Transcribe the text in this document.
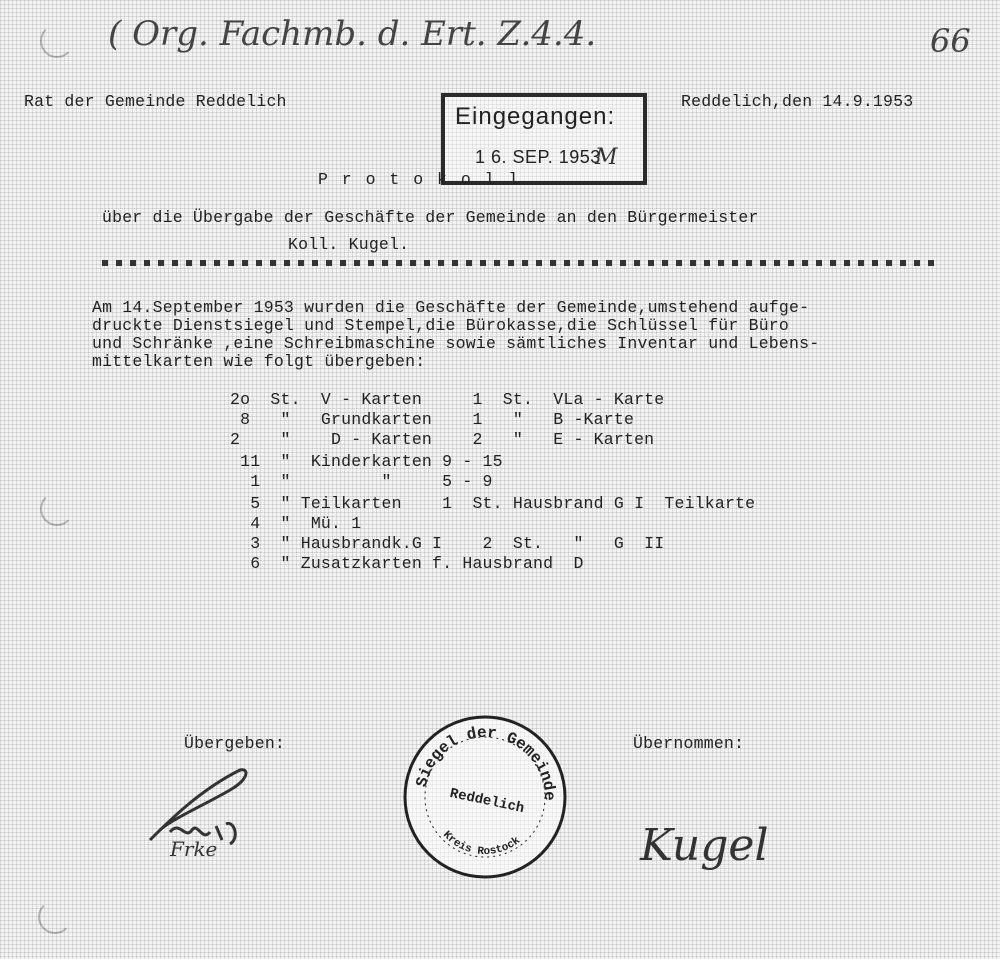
( Org. Fachmb. d. Ert. Z.4.4.	66
Rat der Gemeinde Reddelich	Reddelich,den 14.9.1953
Eingegangen:
1 6. SEP. 1953
M
P r o t o k o l l
über die Übergabe der Geschäfte der Gemeinde an den Bürgermeister
Koll. Kugel.
Am 14.September 1953 wurden die Geschäfte der Gemeinde,umstehend aufge-
druckte Dienstsiegel und Stempel,die Bürokasse,die Schlüssel für Büro
und Schränke ,eine Schreibmaschine sowie sämtliches Inventar und Lebens-
mittelkarten wie folgt übergeben:
2o  St.  V - Karten     1  St.  VLa - Karte
8   "   Grundkarten    1   "   B -Karte
2    "    D - Karten    2   "   E - Karten
11  "  Kinderkarten 9 - 15
1  "         "     5 - 9
5  " Teilkarten    1  St. Hausbrand G I  Teilkarte
4  "  Mü. 1
3  " Hausbrandk.G I    2  St.   "   G  II
6  " Zusatzkarten f. Hausbrand  D
Übergeben:	Übernommen:
Frke	Kugel
Siegel der Gemeinde
Reddelich
Kreis Rostock
